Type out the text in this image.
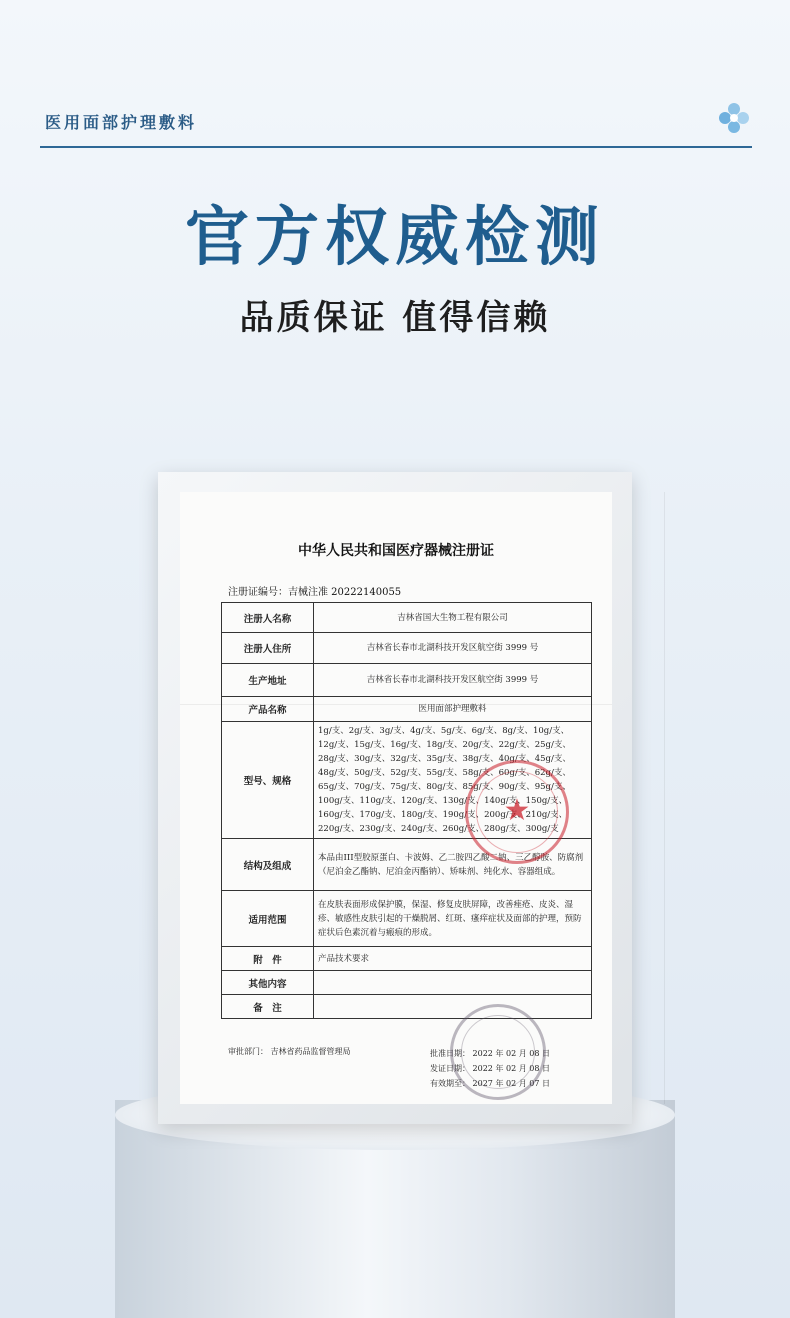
医用面部护理敷料
官方权威检测
品质保证 值得信赖
中华人民共和国医疗器械注册证
注册证编号：吉械注准 20222140055
注册人名称	吉林省国大生物工程有限公司
注册人住所	吉林省长春市北湖科技开发区航空街 3999 号
生产地址	吉林省长春市北湖科技开发区航空街 3999 号
产品名称	医用面部护理敷料
型号、规格	1g/支、2g/支、3g/支、4g/支、5g/支、6g/支、8g/支、10g/支、12g/支、15g/支、16g/支、18g/支、20g/支、22g/支、25g/支、28g/支、30g/支、32g/支、35g/支、38g/支、40g/支、45g/支、48g/支、50g/支、52g/支、55g/支、58g/支、60g/支、62g/支、65g/支、70g/支、75g/支、80g/支、85g/支、90g/支、95g/支、100g/支、110g/支、120g/支、130g/支、140g/支、150g/支、160g/支、170g/支、180g/支、190g/支、200g/支、210g/支、220g/支、230g/支、240g/支、260g/支、280g/支、300g/支
结构及组成	本品由III型胶原蛋白、卡波姆、乙二胺四乙酸二钠、三乙醇胺、防腐剂（尼泊金乙酯钠、尼泊金丙酯钠）、矫味剂、纯化水、容器组成。
适用范围	在皮肤表面形成保护膜，保湿、修复皮肤屏障，改善痤疮、皮炎、湿疹、敏感性皮肤引起的干燥脱屑、红斑、瘙痒症状及面部的护理，预防症状后色素沉着与瘢痕的形成。
附　件	产品技术要求
其他内容	
备　注	
★
审批部门： 吉林省药品监督管理局	批准日期： 2022 年 02 月 08 日
发证日期： 2022 年 02 月 08 日
有效期至： 2027 年 02 月 07 日
